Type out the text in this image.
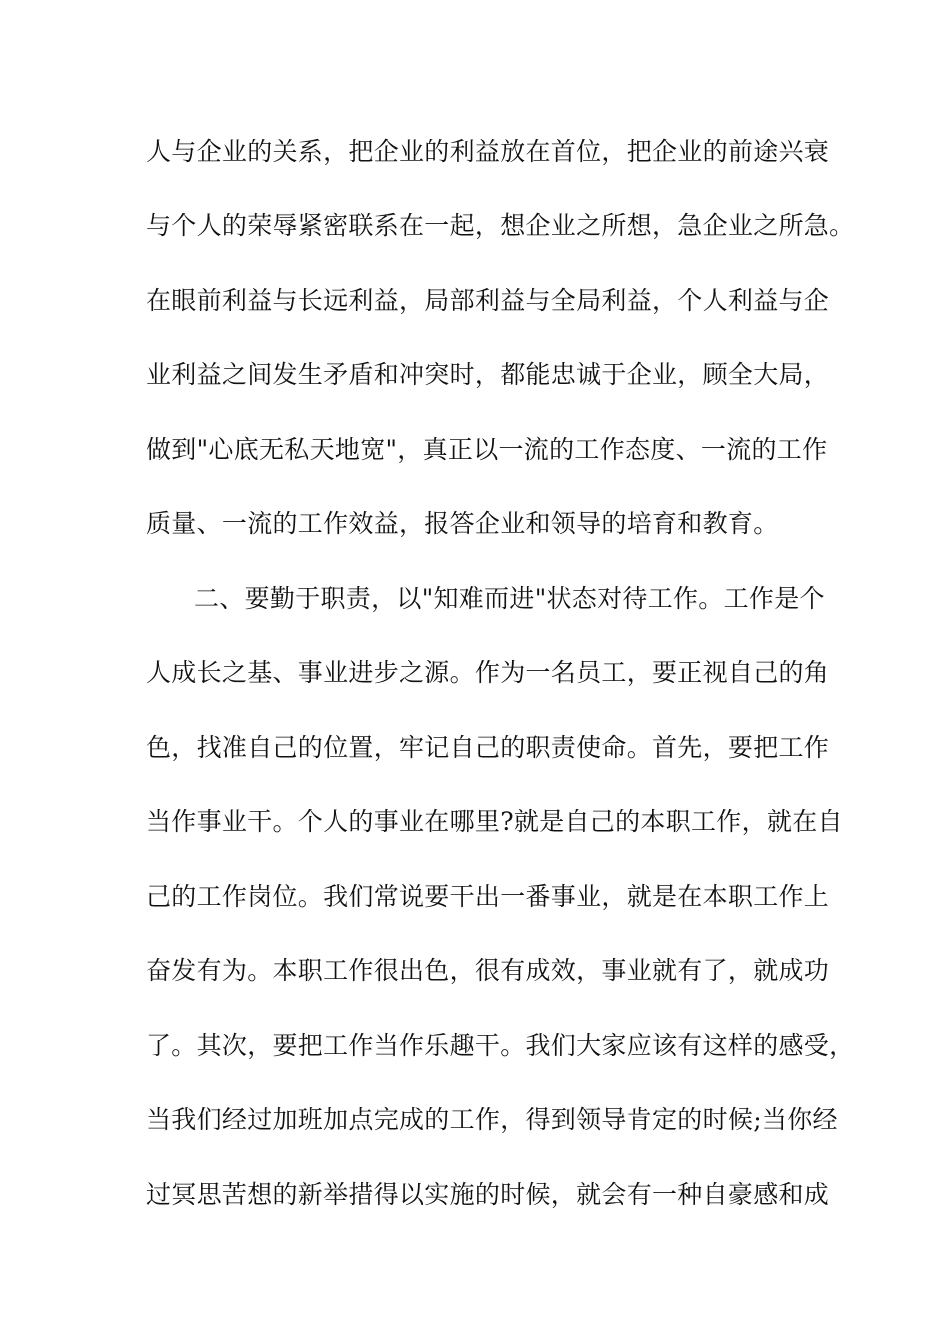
人与企业的关系，把企业的利益放在首位，把企业的前途兴衰
与个人的荣辱紧密联系在一起，想企业之所想，急企业之所急。
在眼前利益与长远利益，局部利益与全局利益，个人利益与企
业利益之间发生矛盾和冲突时，都能忠诚于企业，顾全大局，
做到"心底无私天地宽"，真正以一流的工作态度、一流的工作
质量、一流的工作效益，报答企业和领导的培育和教育。
二、要勤于职责，以"知难而进"状态对待工作。工作是个
人成长之基、事业进步之源。作为一名员工，要正视自己的角
色，找准自己的位置，牢记自己的职责使命。首先，要把工作
当作事业干。个人的事业在哪里?就是自己的本职工作，就在自
己的工作岗位。我们常说要干出一番事业，就是在本职工作上
奋发有为。本职工作很出色，很有成效，事业就有了，就成功
了。其次，要把工作当作乐趣干。我们大家应该有这样的感受，
当我们经过加班加点完成的工作，得到领导肯定的时候;当你经
过冥思苦想的新举措得以实施的时候，就会有一种自豪感和成
